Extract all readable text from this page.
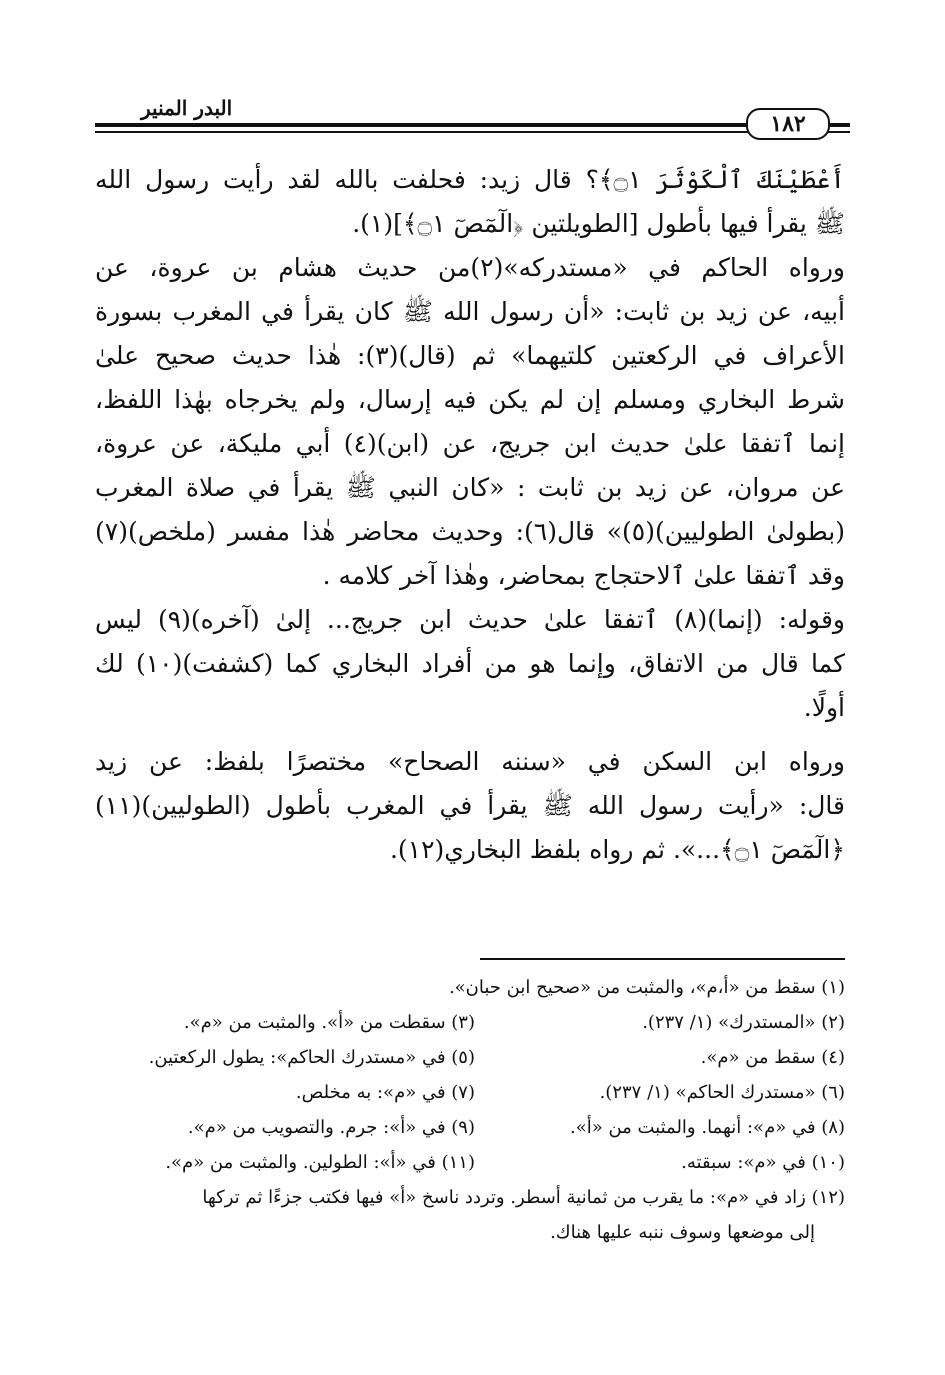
البدر المنير
١٨٢
أَعْطَيْنَكَ ٱلْكَوْثَرَ ۝١﴾؟ قال زيد: فحلفت بالله لقد رأيت رسول الله
ﷺ يقرأ فيها بأطول [الطويلتين ﴿الٓمٓصٓ ۝١﴾](١).
ورواه الحاكم في «مستدركه»(٢)من حديث هشام بن عروة، عن
أبيه، عن زيد بن ثابت: «أن رسول الله ﷺ كان يقرأ في المغرب بسورة
الأعراف في الركعتين كلتيهما» ثم (قال)(٣): هٰذا حديث صحيح علىٰ
شرط البخاري ومسلم إن لم يكن فيه إرسال، ولم يخرجاه بهٰذا اللفظ،
إنما ٱتفقا علىٰ حديث ابن جريج، عن (ابن)(٤) أبي مليكة، عن عروة،
عن مروان، عن زيد بن ثابت : «كان النبي ﷺ يقرأ في صلاة المغرب
(بطولىٰ الطوليين)(٥)» قال(٦): وحديث محاضر هٰذا مفسر (ملخص)(٧)
وقد ٱتفقا علىٰ ٱلاحتجاج بمحاضر، وهٰذا آخر كلامه .
وقوله: (إنما)(٨) ٱتفقا علىٰ حديث ابن جريج... إلىٰ (آخره)(٩) ليس
كما قال من الاتفاق، وإنما هو من أفراد البخاري كما (كشفت)(١٠) لك
أولًا.
ورواه ابن السكن في «سننه الصحاح» مختصرًا بلفظ: عن زيد
قال: «رأيت رسول الله ﷺ يقرأ في المغرب بأطول (الطوليين)(١١)
﴿الٓمٓصٓ ۝١﴾...». ثم رواه بلفظ البخاري(١٢).
(١) سقط من «أ،م»، والمثبت من «صحيح ابن حبان».
(٢) «المستدرك» (١/ ٢٣٧).
(٣) سقطت من «أ». والمثبت من «م».
(٤) سقط من «م».
(٥) في «مستدرك الحاكم»: يطول الركعتين.
(٦) «مستدرك الحاكم» (١/ ٢٣٧).
(٧) في «م»: به مخلص.
(٨) في «م»: أنهما. والمثبت من «أ».
(٩) في «أ»: جرم. والتصويب من «م».
(١٠) في «م»: سبقته.
(١١) في «أ»: الطولين. والمثبت من «م».
(١٢) زاد في «م»: ما يقرب من ثمانية أسطر. وتردد ناسخ «أ» فيها فكتب جزءًا ثم تركها
إلى موضعها وسوف ننبه عليها هناك.
